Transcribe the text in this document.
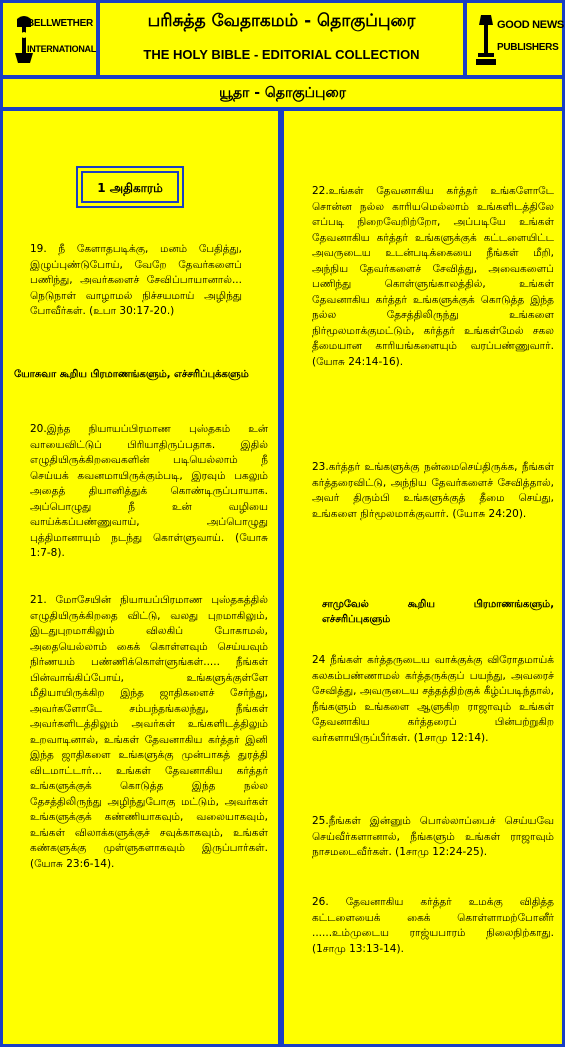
BELLWETHER
INTERNATIONAL
பரிசுத்த வேதாகமம் - தொகுப்புரை
THE HOLY BIBLE - EDITORIAL COLLECTION
GOOD NEWS
PUBLISHERS
யூதா - தொகுப்புரை
1 அதிகாரம்
19. நீ கேளாதபடிக்கு, மனம் பேதித்து, இழுப்புண்டுபோய், வேறே தேவர்களைப் பணிந்து, அவர்களைச் சேவிப்பாயானால்... நெடுநாள் வாழாமல் நிச்சயமாய் அழிந்து போவீர்கள். (உபா 30:17-20.)
யோசுவா கூறிய பிரமாணங்களும், எச்சரிப்புக்களும்
20.இந்த நியாயப்பிரமாண புஸ்தகம் உன் வாயைவிட்டுப் பிரியாதிருப்பதாக. இதில் எழுதியிருக்கிறவைகளின் படியெல்லாம் நீ செய்யக் கவனமாயிருக்கும்படி, இரவும் பகலும் அதைத் தியானித்துக் கொண்டிருப்பாயாக. அப்பொழுது நீ உன் வழியை வாய்க்கப்பண்ணுவாய், அப்பொழுது புத்திமானாயும் நடந்து கொள்ளுவாய். (யோசு 1:7-8).
21. மோசேயின் நியாயப்பிரமாண புஸ்தகத்தில் எழுதியிருக்கிறதை விட்டு, வலது புறமாகிலும், இடதுபுறமாகிலும் விலகிப் போகாமல், அதையெல்லாம் கைக் கொள்ளவும் செய்யவும் நிர்ணயம் பண்ணிக்கொள்ளுங்கள்..... நீங்கள் பின்வாங்கிப்போய், உங்களுக்குள்ளே மீதியாயிருக்கிற இந்த ஜாதிகளைச் சேர்ந்து, அவர்களோடே சம்பந்தங்கலந்து, நீங்கள் அவர்களிடத்திலும் அவர்கள் உங்களிடத்திலும் உறவாடினால், உங்கள் தேவனாகிய கர்த்தர் இனி இந்த ஜாதிகளை உங்களுக்கு முன்பாகத் துரத்தி விடமாட்டார்... உங்கள் தேவனாகிய கர்த்தர் உங்களுக்குக் கொடுத்த இந்த நல்ல தேசத்திலிருந்து அழிந்துபோகு மட்டும், அவர்கள் உங்களுக்குக் கண்ணியாகவும், வலையாகவும், உங்கள் விலாக்களுக்குச் சவுக்காகவும், உங்கள் கண்களுக்கு முள்ளுகளாகவும் இருப்பார்கள். (யோசு 23:6-14).
22.உங்கள் தேவனாகிய கர்த்தர் உங்களோடே சொன்ன நல்ல காரியமெல்லாம் உங்களிடத்திலே எப்படி நிறைவேறிற்றோ, அப்படியே உங்கள் தேவனாகிய கர்த்தர் உங்களுக்குக் கட்டளையிட்ட அவருடைய உடன்படிக்கையை நீங்கள் மீறி, அந்நிய தேவர்களைச் சேவித்து, அவைகளைப் பணிந்து கொள்ளுங்காலத்தில், உங்கள் தேவனாகிய கர்த்தர் உங்களுக்குக் கொடுத்த இந்த நல்ல தேசத்திலிருந்து உங்களை நிர்மூலமாக்குமட்டும், கர்த்தர் உங்கள்மேல் சகல தீமையான காரியங்களையும் வரப்பண்ணுவார். (யோசு 24:14-16).
23.கர்த்தர் உங்களுக்கு நன்மைசெய்திருக்க, நீங்கள் கர்த்தரைவிட்டு, அந்நிய தேவர்களைச் சேவித்தால், அவர் திரும்பி உங்களுக்குத் தீமை செய்து, உங்களை நிர்மூலமாக்குவார். (யோசு 24:20).
சாமுவேல் கூறிய பிரமாணங்களும், எச்சரிப்புகளும்
24 நீங்கள் கர்த்தருடைய வாக்குக்கு விரோதமாய்க் கலகம்பண்ணாமல் கர்த்தருக்குப் பயந்து, அவரைச் சேவித்து, அவருடைய சத்தத்திற்குக் கீழ்ப்படிந்தால், நீங்களும் உங்களை ஆளுகிற ராஜாவும் உங்கள் தேவனாகிய கர்த்தரைப் பின்பற்றுகிற வர்களாயிருப்பீர்கள். (1சாமு 12:14).
25.நீங்கள் இன்னும் பொல்லாப்பைச் செய்யவே செய்வீர்களானால், நீங்களும் உங்கள் ராஜாவும் நாசமடைவீர்கள். (1சாமு 12:24-25).
26. தேவனாகிய கர்த்தர் உமக்கு விதித்த கட்டளையைக் கைக் கொள்ளாமற்போனீர் ......உம்முடைய ராஜ்யபாரம் நிலைநிற்காது. (1சாமு 13:13-14).
